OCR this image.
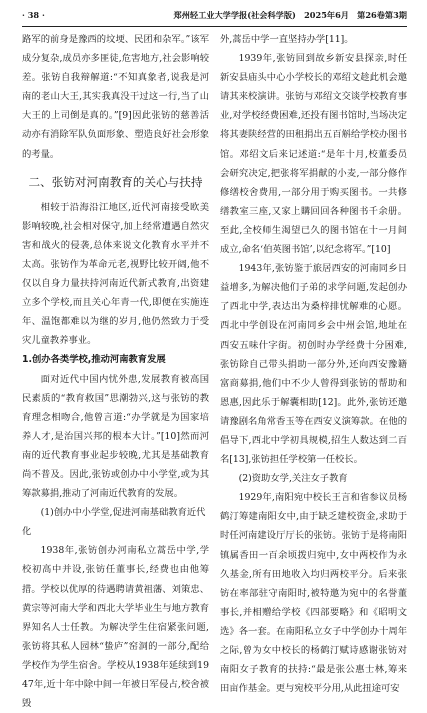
· 38 ·	郑州轻工业大学学报(社会科学版)　2025年6月　第26卷第3期

路军的前身是豫西的坟埂、民团和杂军。”该军成分复杂,成员亦多匪徒,危害地方,社会影响较差。张钫自我辩解道:“不知真象者,说我是河南的老山大王,其实我真没干过这一行,当了山大王的上司倒是真的。”[9]因此张钫的慈善活动亦有消除军队负面形象、塑造良好社会形象的考量。

二、张钫对河南教育的关心与扶持

相较于沿海沿江地区,近代河南接受欧美影响较晚,社会相对保守,加上经常遭遇自然灾害和战火的侵袭,总体来说文化教育水平并不太高。张钫作为革命元老,视野比较开阔,他不仅以自身力量扶持河南近代新式教育,出资建立多个学校,而且关心年青一代,即便在实施连年、温饱都难以为继的岁月,他仍然致力于受灾儿童教养事业。

1.创办各类学校,推动河南教育发展

面对近代中国内忧外患,发展教育被高国民素质的“教育救国”思潮勃兴,这与张钫的教育理念相吻合,他曾言道:“办学就是为国家培养人才,是治国兴邦的根本大计。”[10]然而河南的近代教育事业起步较晚,尤其是基础教育尚不普及。因此,张钫或创办中小学堂,或为其筹款募捐,推动了河南近代教育的发展。

(1)创办中小学堂,促进河南基础教育近代化

1938年,张钫创办河南私立蒿岳中学,学校初高中并设,张钫任董事长,经费也由他筹措。学校以优厚的待遇聘请黄祖藩、刘策忠、黄宗等河南大学和西北大学毕业生与地方教育界知名人士任教。为解决学生住宿紧张问题,张钫将其私人园林“蛰庐”窑洞的一部分,配给学校作为学生宿舍。学校从1938年延续到1947年,近十年中除中间一年被日军侵占,校舍被毁

外,蒿岳中学一直坚持办学[11]。

1939年,张钫回到故乡新安县探亲,时任新安县庙头中心小学校长的邓绍文趁此机会邀请其来校演讲。张钫与邓绍文交谈学校教育事业,对学校经费困难,还投有图书馆时,当场决定将其妻陕经营的田租捐出五百斛给学校办图书馆。邓绍文后来记述道:“是年十月,校董委员会研究决定,把张将军捐献的小麦,一部分修作修缮校舍费用,一部分用于购买图书。一共修缮教室三座,又家上購回回各种图书千余册。至此,全校师生渴望已久的图书馆在十一月间成立,命名‘伯英图书馆’,以纪念将军。”[10]

1943年,张钫鉴于旅居西安的河南同乡日益增多,为解决他们子弟的求学问题,发起创办了西北中学,表达出为桑梓排忧解难的心愿。西北中学创设在河南同乡会中州会馆,地址在西安五味什字街。初创时办学经费十分困难,张钫除自己带头捐助一部分外,还向西安豫籍富商募捐,他们中不少人曾得到张钫的帮助和恩惠,因此乐于解囊相助[12]。此外,张钫还邀请豫剧名角常香玉等在西安义演筹款。在他的倡导下,西北中学初具规模,招生人数达到二百名[13],张钫担任学校第一任校长。

(2)资助女学,关注女子教育

1929年,南阳宛中校长王言和省参议员杨鹤汀筹建南阳女中,由于缺乏建校资金,求助于时任河南建设厅厅长的张钫。张钫于是将南阳镇属香田一百余顷拨归宛中,女中两校作为永久基金,所有田地收入均归两校平分。后来张钫在率部驻守南阳时,被特邀为宛中的名誉董事长,并相赠给学校《四部要略》和《昭明文选》各一套。在南阳私立女子中学创办十周年之际,曾为女中校长的杨鹤汀赋诗感谢张钫对南阳女子教育的扶持:“最是张公惠士林,筹来田亩作基金。更与宛校平分用,从此扭途可安
